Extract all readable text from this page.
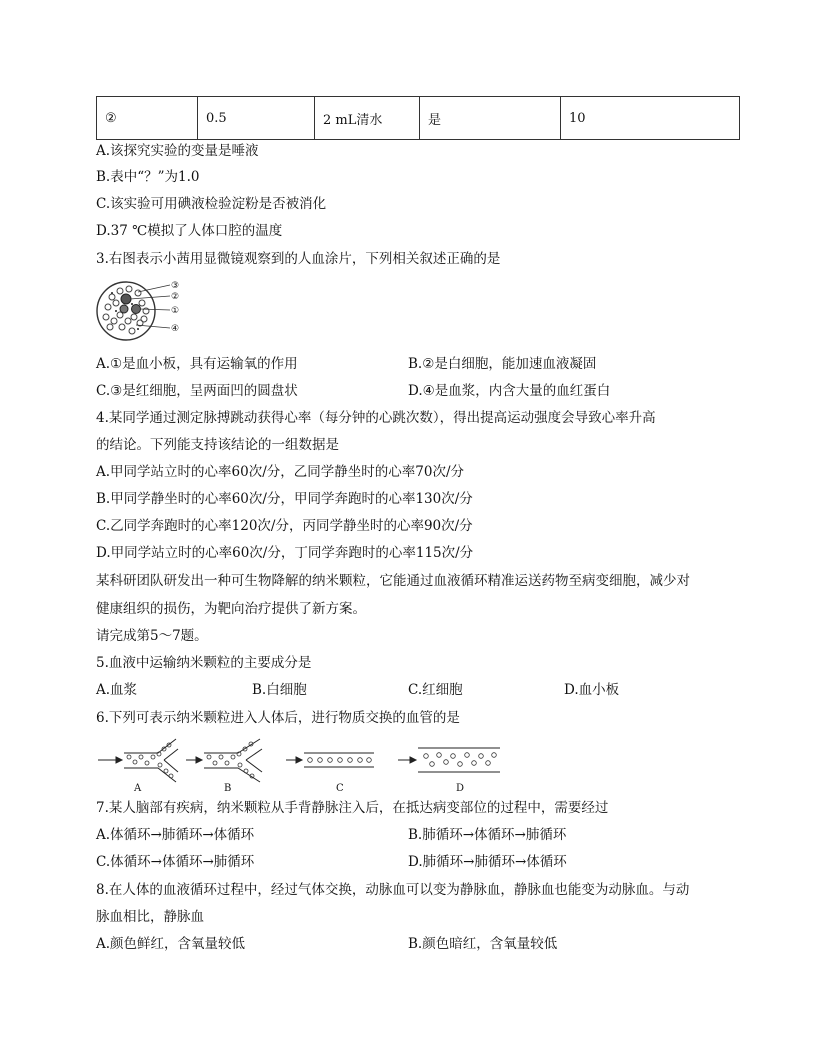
②	0.5	2 mL清水	是	10
A.该探究实验的变量是唾液
B.表中“？”为1.0
C.该实验可用碘液检验淀粉是否被消化
D.37 ℃模拟了人体口腔的温度
3.右图表示小茜用显微镜观察到的人血涂片，下列相关叙述正确的是
③
②
①
④
A.①是血小板，具有运输氧的作用	B.②是白细胞，能加速血液凝固
C.③是红细胞，呈两面凹的圆盘状	D.④是血浆，内含大量的血红蛋白
4.某同学通过测定脉搏跳动获得心率（每分钟的心跳次数），得出提高运动强度会导致心率升高
的结论。下列能支持该结论的一组数据是
A.甲同学站立时的心率60次/分，乙同学静坐时的心率70次/分
B.甲同学静坐时的心率60次/分，甲同学奔跑时的心率130次/分
C.乙同学奔跑时的心率120次/分，丙同学静坐时的心率90次/分
D.甲同学站立时的心率60次/分，丁同学奔跑时的心率115次/分
某科研团队研发出一种可生物降解的纳米颗粒，它能通过血液循环精准运送药物至病变细胞，减少对
健康组织的损伤，为靶向治疗提供了新方案。
请完成第5～7题。
5.血液中运输纳米颗粒的主要成分是
A.血浆	B.白细胞	C.红细胞	D.血小板
6.下列可表示纳米颗粒进入人体后，进行物质交换的血管的是
A	B	C	D
7.某人脑部有疾病，纳米颗粒从手背静脉注入后，在抵达病变部位的过程中，需要经过
A.体循环→肺循环→体循环	B.肺循环→体循环→肺循环
C.体循环→体循环→肺循环	D.肺循环→肺循环→体循环
8.在人体的血液循环过程中，经过气体交换，动脉血可以变为静脉血，静脉血也能变为动脉血。与动
脉血相比，静脉血
A.颜色鲜红，含氧量较低	B.颜色暗红，含氧量较低
